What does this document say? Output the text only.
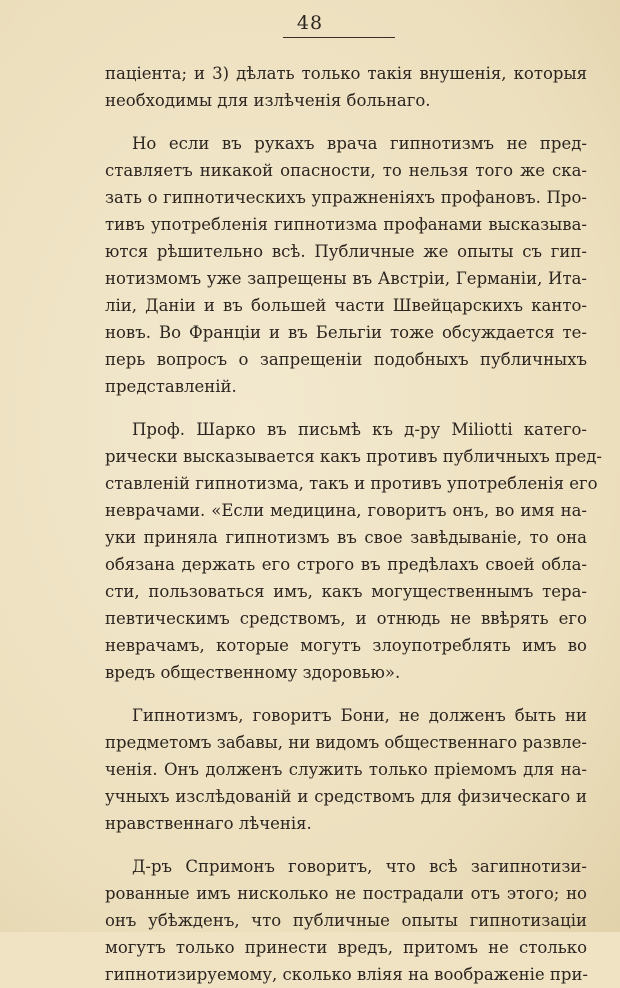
48
пацiента; и 3) дѣлать только такiя внушенiя, которыя
необходимы для излѣченiя больнаго.
Но если въ рукахъ врача гипнотизмъ не пред-
ставляетъ никакой опасности, то нельзя того же ска-
зать о гипнотическихъ упражненiяхъ профановъ. Про-
тивъ употребленiя гипнотизма профанами высказыва-
ются рѣшительно всѣ. Публичные же опыты съ гип-
нотизмомъ уже запрещены въ Австрiи, Германiи, Ита-
лiи, Данiи и въ большей части Швейцарскихъ канто-
новъ. Во Францiи и въ Бельгiи тоже обсуждается те-
перь вопросъ о запрещенiи подобныхъ публичныхъ
представленiй.
Проф. Шарко въ письмѣ къ д-ру Miliotti катего-
рически высказывается какъ противъ публичныхъ пред-
ставленiй гипнотизма, такъ и противъ употребленiя его
неврачами. «Если медицина, говоритъ онъ, во имя на-
уки приняла гипнотизмъ въ свое завѣдыванiе, то она
обязана держать его строго въ предѣлахъ своей обла-
сти, пользоваться имъ, какъ могущественнымъ тера-
певтическимъ средствомъ, и отнюдь не ввѣрять его
неврачамъ, которые могутъ злоупотреблять имъ во
вредъ общественному здоровью».
Гипнотизмъ, говоритъ Бони, не долженъ быть ни
предметомъ забавы, ни видомъ общественнаго развле-
ченiя. Онъ долженъ служить только прiемомъ для на-
учныхъ изслѣдованiй и средствомъ для физическаго и
нравственнаго лѣченiя.
Д-ръ Спримонъ говоритъ, что всѣ загипнотизи-
рованные имъ нисколько не пострадали отъ этого; но
онъ убѣжденъ, что публичные опыты гипнотизацiи
могутъ только принести вредъ, притомъ не столько
гипнотизируемому, сколько влiяя на воображенiе при-
